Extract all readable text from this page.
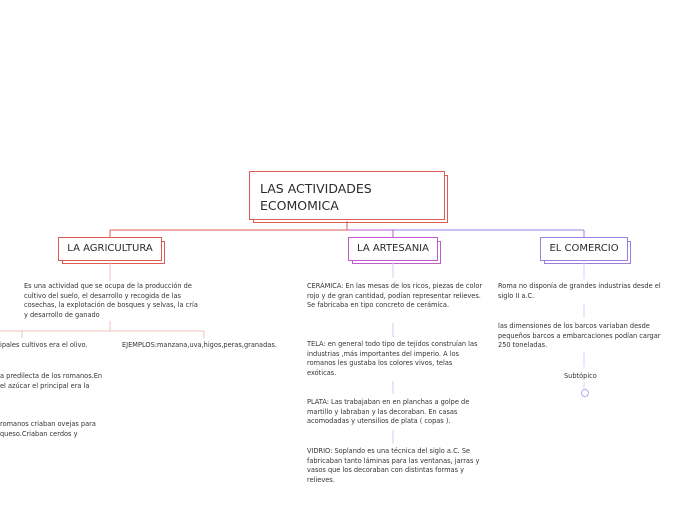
LAS ACTIVIDADES
ECOMOMICA
LA AGRICULTURA	LA ARTESANIA	EL COMERCIO
Es una actividad que se ocupa de la producción de cultivo del suelo, el desarrollo y recogida de las cosechas, la explotación de bosques y selvas, la cría y desarrollo de ganado
ipales cultivos era el olivo.	EJEMPLOS:manzana,uva,higos,peras,granadas.
a predilecta de los romanos.En
el azúcar el principal era la
romanos criaban ovejas para
queso.Criaban cerdos y
CERÁMICA: En las mesas de los ricos, piezas de color rojo y de gran cantidad, podían representar relieves. Se fabricaba en tipo concreto de cerámica.
TELA: en general todo tipo de tejidos construían las industrias ,más importantes del imperio. A los romanos les gustaba los colores vivos, telas exóticas.
PLATA: Las trabajaban en en planchas a golpe de martillo y labraban y las decoraban. En casas acomodadas y utensilios de plata ( copas ).
VIDRIO: Soplando es una técnica del siglo a.C. Se fabricaban tanto láminas para las ventanas, jarras y vasos que los decoraban con distintas formas y relieves.
Roma no disponía de grandes industrias desde el siglo II a.C.
las dimensiones de los barcos variaban desde pequeños barcos a embarcaciones podían cargar 250 toneladas.
Subtópico
